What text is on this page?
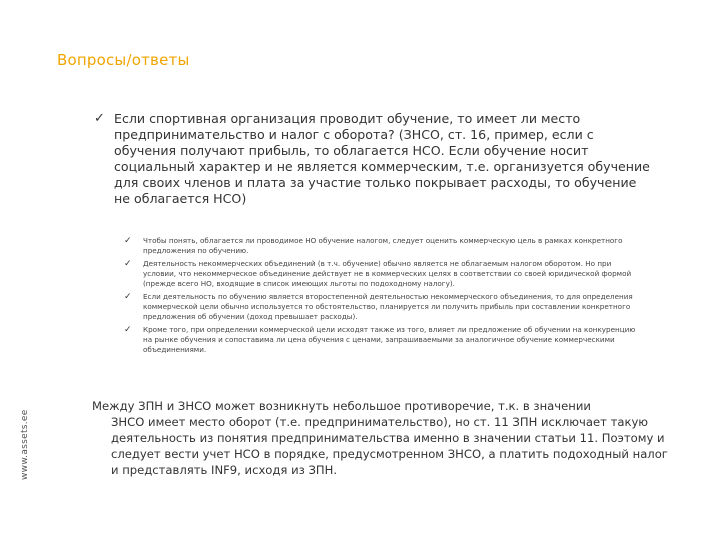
Вопросы/ответы
✓ Если спортивная организация проводит обучение, то имеет ли место предпринимательство и налог с оборота? (ЗНСО, ст. 16, пример, если с обучения получают прибыль, то облагается НСО. Если обучение носит социальный характер и не является коммерческим, т.е. организуется обучение для своих членов и плата за участие только покрывает расходы, то обучение не облагается НСО)
✓ Чтобы понять, облагается ли проводимое НО обучение налогом, следует оценить коммерческую цель в рамках конкретного предложения по обучению.
✓ Деятельность некоммерческих объединений (в т.ч. обучение) обычно является не облагаемым налогом оборотом. Но при условии, что некоммерческое объединение действует не в коммерческих целях в соответствии со своей юридической формой (прежде всего НО, входящие в список имеющих льготы по подоходному налогу).
✓ Если деятельность по обучению является второстепенной деятельностью некоммерческого объединения, то для определения коммерческой цели обычно используется то обстоятельство, планируется ли получить прибыль при составлении конкретного предложения об обучении (доход превышает расходы).
✓ Кроме того, при определении коммерческой цели исходят также из того, влияет ли предложение об обучении на конкуренцию на рынке обучения и сопоставима ли цена обучения с ценами, запрашиваемыми за аналогичное обучение коммерческими объединениями.
Между ЗПН и ЗНСО может возникнуть небольшое противоречие, т.к. в значении
ЗНСО имеет место оборот (т.е. предпринимательство), но ст. 11 ЗПН исключает такую деятельность из понятия предпринимательства именно в значении статьи 11. Поэтому и следует вести учет НСО в порядке, предусмотренном ЗНСО, а платить подоходный налог и представлять INF9, исходя из ЗПН.
www.assets.ee
